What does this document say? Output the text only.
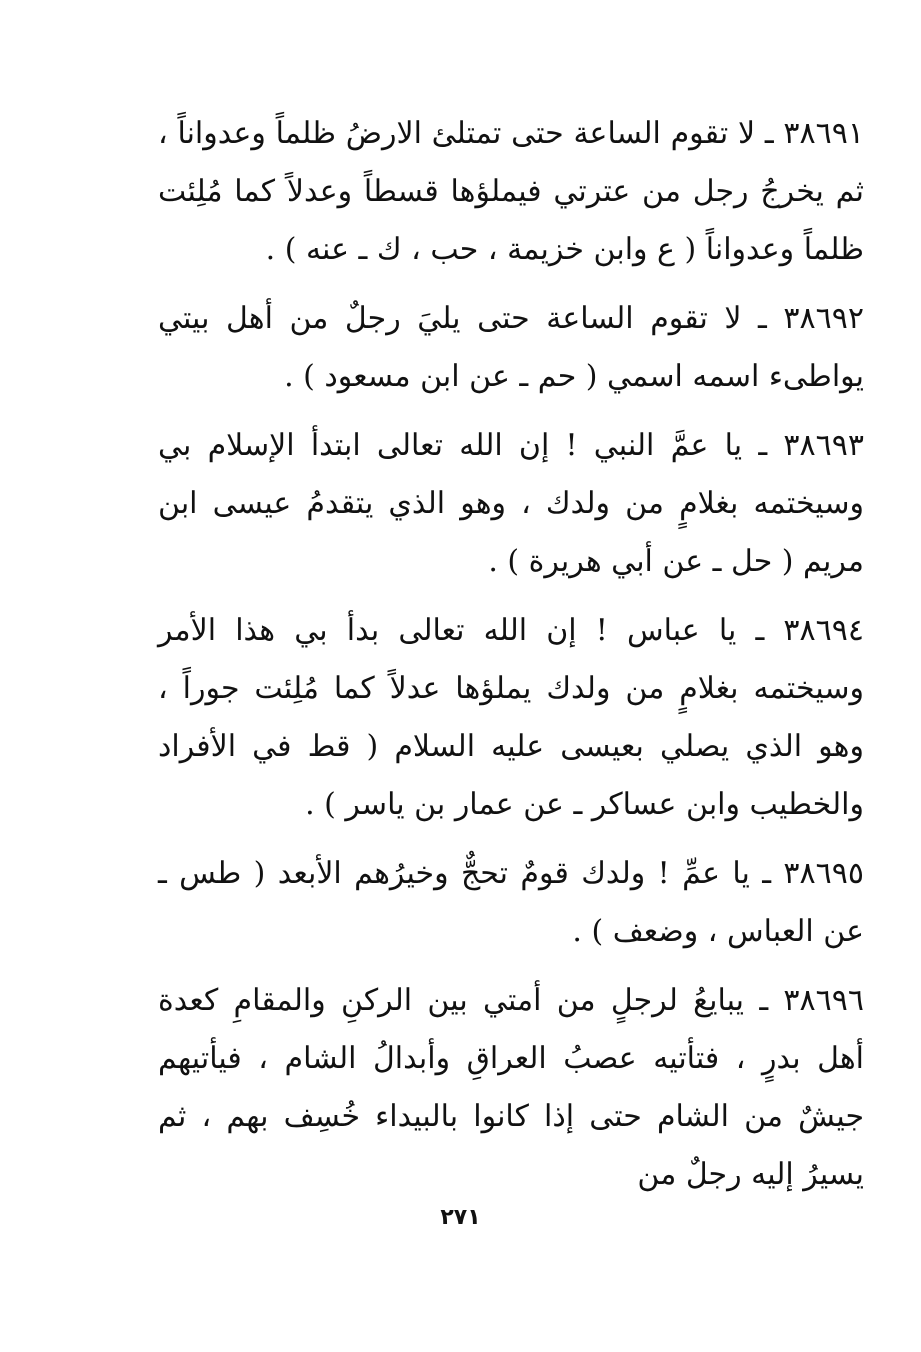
٣٨٦٩١ ـ لا تقوم الساعة حتى تمتلئ الارضُ ظلماً وعدواناً ، ثم يخرجُ رجل من عترتي فيملؤها قسطاً وعدلاً كما مُلِئت ظلماً وعدواناً ( ع وابن خزيمة ، حب ، ك ـ عنه ) .

٣٨٦٩٢ ـ لا تقوم الساعة حتى يليَ رجلٌ من أهل بيتي يواطىء اسمه اسمي ( حم ـ عن ابن مسعود ) .

٣٨٦٩٣ ـ يا عمَّ النبي ! إن الله تعالى ابتدأ الإسلام بي وسيختمه بغلامٍ من ولدك ، وهو الذي يتقدمُ عيسى ابن مريم ( حل ـ عن أبي هريرة ) .

٣٨٦٩٤ ـ يا عباس ! إن الله تعالى بدأ بي هذا الأمر وسيختمه بغلامٍ من ولدك يملؤها عدلاً كما مُلِئت جوراً ، وهو الذي يصلي بعيسى عليه السلام ( قط في الأفراد والخطيب وابن عساكر ـ عن عمار بن ياسر ) .

٣٨٦٩٥ ـ يا عمِّ ! ولدك قومٌ تحجٌّ وخيرُهم الأبعد ( طس ـ عن العباس ، وضعف ) .

٣٨٦٩٦ ـ يبايعُ لرجلٍ من أمتي بين الركنِ والمقامِ كعدة أهل بدرٍ ، فتأتيه عصبُ العراقِ وأبدالُ الشام ، فيأتيهم جيشٌ من الشام حتى إذا كانوا بالبيداء خُسِف بهم ، ثم يسيرُ إليه رجلٌ من

٢٧١
